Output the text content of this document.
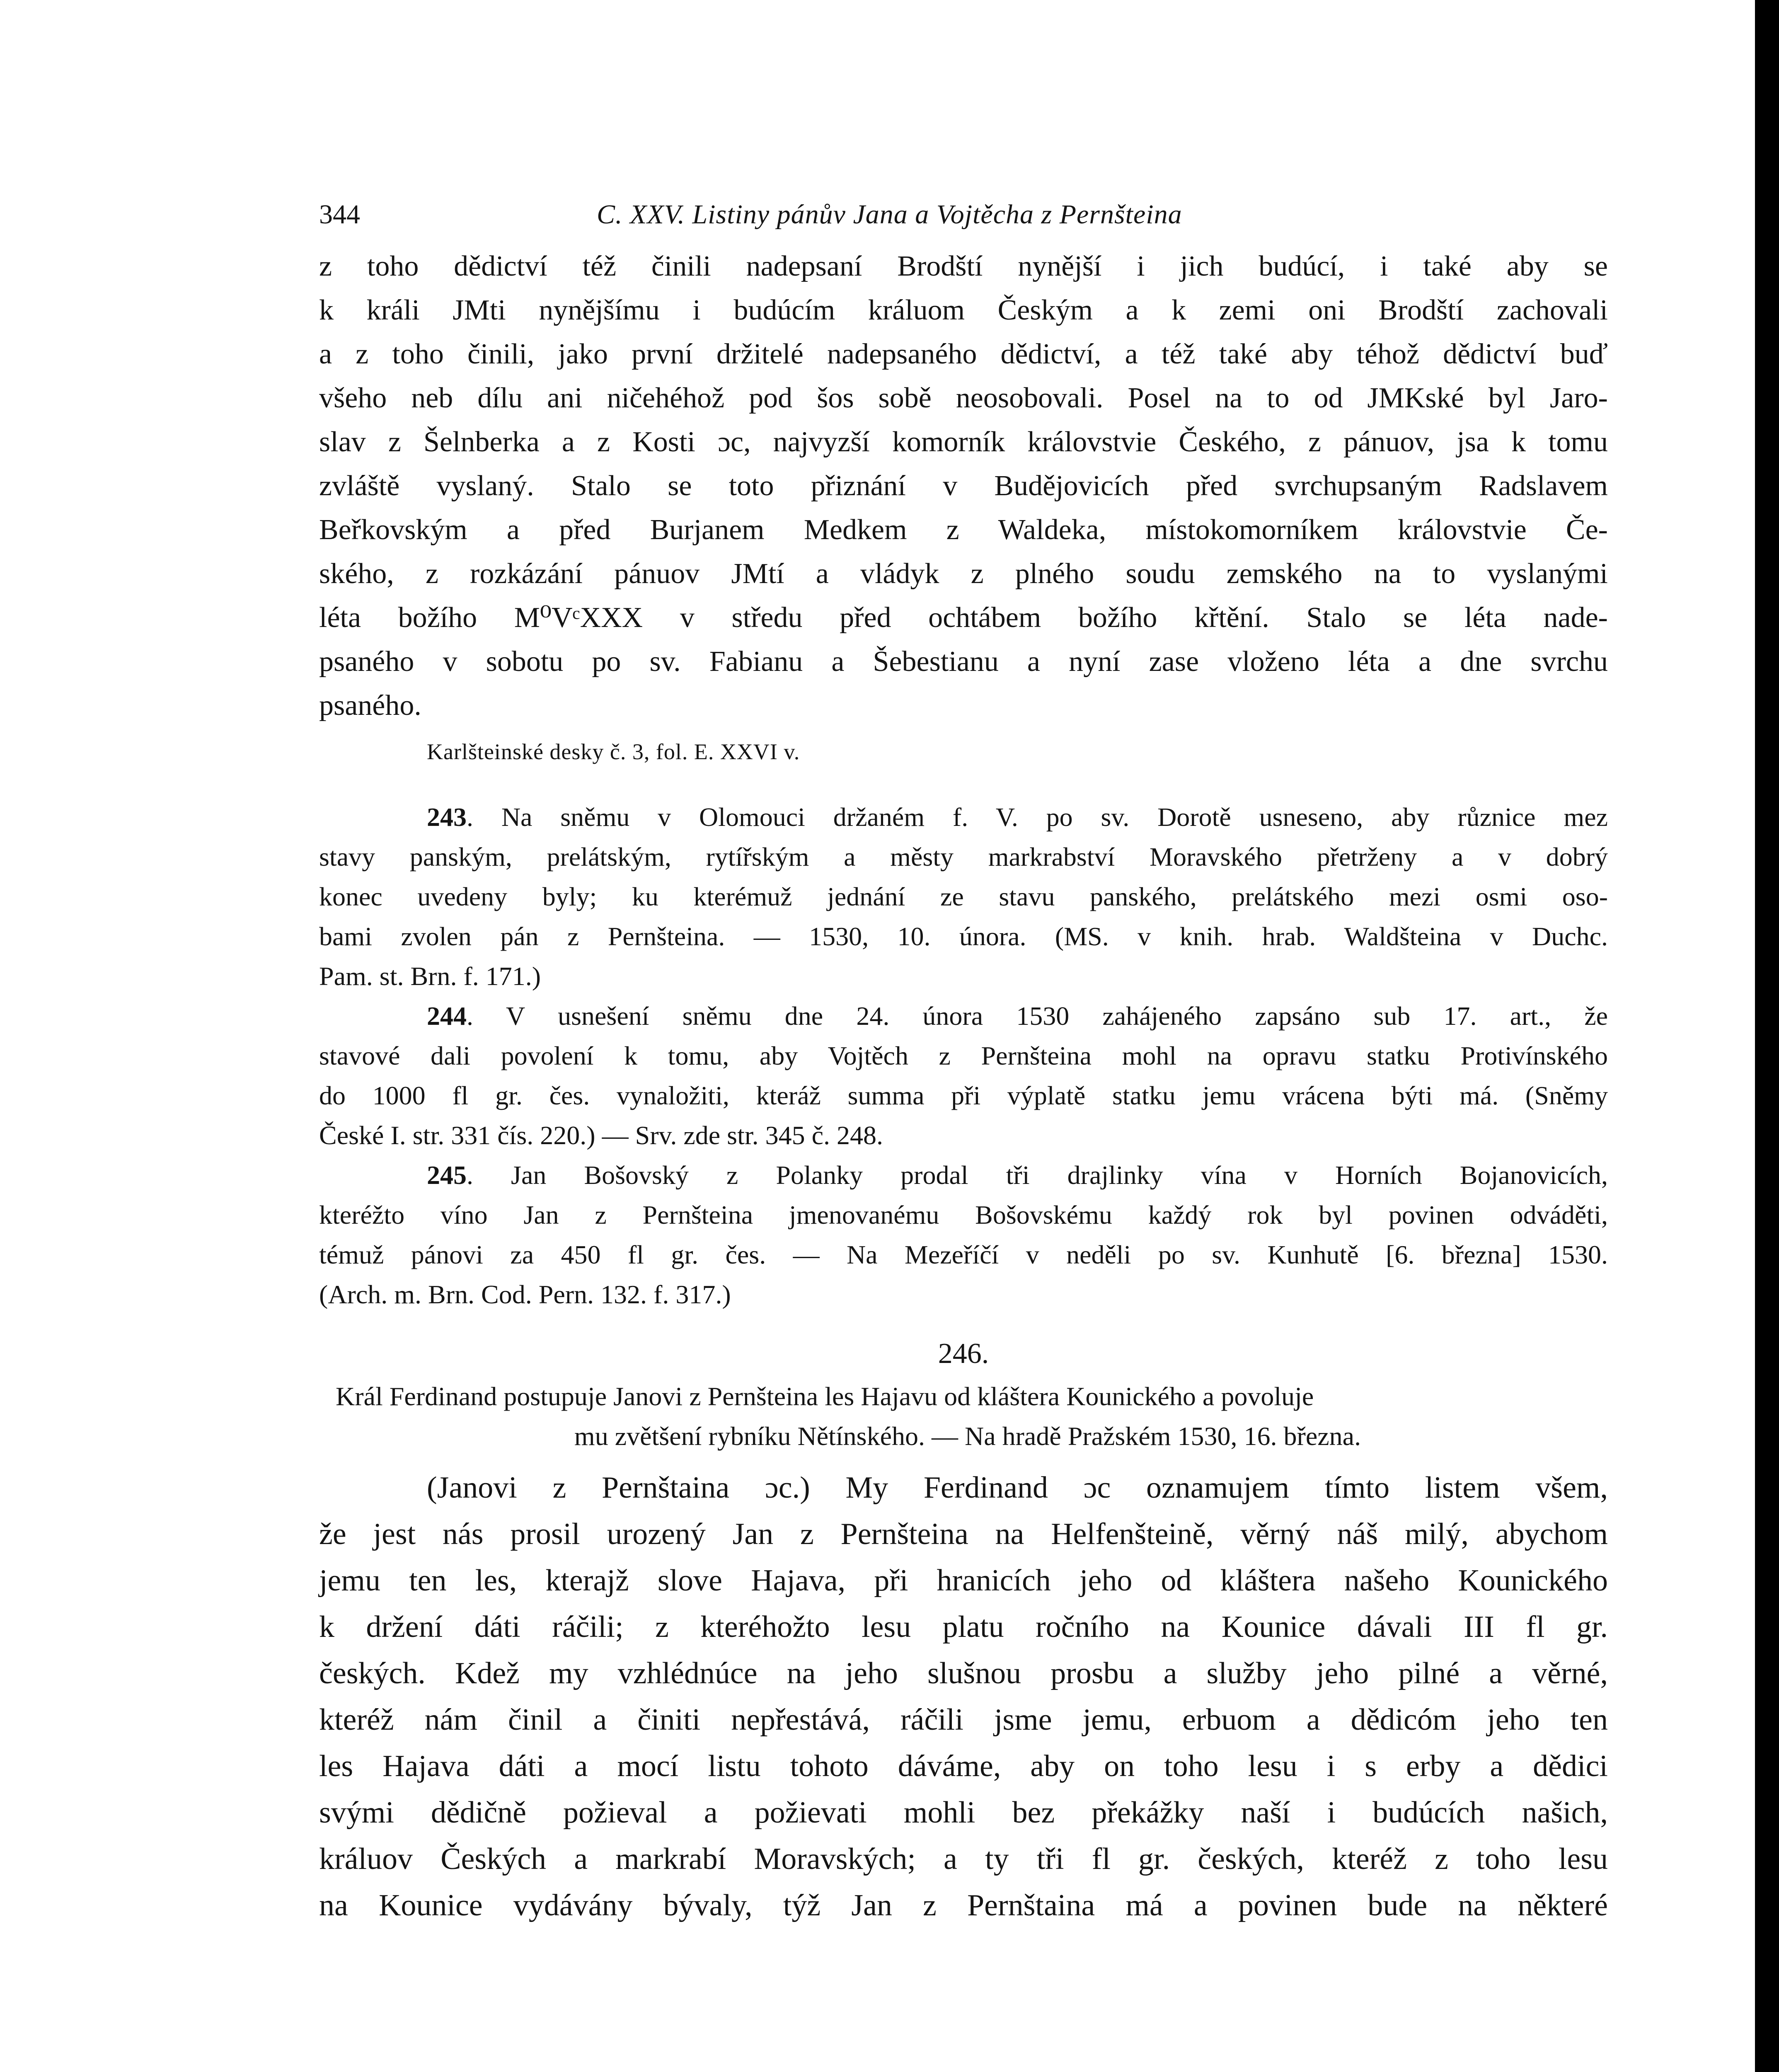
344	C. XXV. Listiny pánův Jana a Vojtěcha z Pernšteina
z toho dědictví též činili nadepsaní Brodští nynější i jich budúcí, i také aby se
k králi JMti nynějšímu i budúcím králuom Českým a k zemi oni Brodští zachovali
a z toho činili, jako první držitelé nadepsaného dědictví, a též také aby téhož dědictví buď
všeho neb dílu ani ničehéhož pod šos sobě neosobovali. Posel na to od JMKské byl Jaro-
slav z Šelnberka a z Kosti ɔc, najvyzší komorník královstvie Českého, z pánuov, jsa k tomu
zvláště vyslaný. Stalo se toto přiznání v Budějovicích před svrchupsaným Radslavem
Beřkovským a před Burjanem Medkem z Waldeka, místokomorníkem královstvie Če-
ského, z rozkázání pánuov JMtí a vládyk z plného soudu zemského na to vyslanými
léta božího M⁰VᶜXXX v středu před ochtábem božího křtění. Stalo se léta nade-
psaného v sobotu po sv. Fabianu a Šebestianu a nyní zase vloženo léta a dne svrchu
psaného.
Karlšteinské desky č. 3, fol. E. XXVI v.
243. Na sněmu v Olomouci držaném f. V. po sv. Dorotě usneseno, aby různice mez
stavy panským, prelátským, rytířským a městy markrabství Moravského přetrženy a v dobrý
konec uvedeny byly; ku kterémuž jednání ze stavu panského, prelátského mezi osmi oso-
bami zvolen pán z Pernšteina. — 1530, 10. února. (MS. v knih. hrab. Waldšteina v Duchc.
Pam. st. Brn. f. 171.)
244. V usnešení sněmu dne 24. února 1530 zahájeného zapsáno sub 17. art., že
stavové dali povolení k tomu, aby Vojtěch z Pernšteina mohl na opravu statku Protivínského
do 1000 fl gr. čes. vynaložiti, kteráž summa při výplatě statku jemu vrácena býti má. (Sněmy
České I. str. 331 čís. 220.) — Srv. zde str. 345 č. 248.
245. Jan Bošovský z Polanky prodal tři drajlinky vína v Horních Bojanovicích,
kteréžto víno Jan z Pernšteina jmenovanému Bošovskému každý rok byl povinen odváděti,
témuž pánovi za 450 fl gr. čes. — Na Mezeříčí v neděli po sv. Kunhutě [6. března] 1530.
(Arch. m. Brn. Cod. Pern. 132. f. 317.)
246.
Král Ferdinand postupuje Janovi z Pernšteina les Hajavu od kláštera Kounického a povoluje
mu zvětšení rybníku Nětínského. — Na hradě Pražském 1530, 16. března.
(Janovi z Pernštaina ɔc.) My Ferdinand ɔc oznamujem tímto listem všem,
že jest nás prosil urozený Jan z Pernšteina na Helfenšteině, věrný náš milý, abychom
jemu ten les, kterajž slove Hajava, při hranicích jeho od kláštera našeho Kounického
k držení dáti ráčili; z kteréhožto lesu platu ročního na Kounice dávali III fl gr.
českých. Kdež my vzhlédnúce na jeho slušnou prosbu a služby jeho pilné a věrné,
kteréž nám činil a činiti nepřestává, ráčili jsme jemu, erbuom a dědicóm jeho ten
les Hajava dáti a mocí listu tohoto dáváme, aby on toho lesu i s erby a dědici
svými dědičně požieval a požievati mohli bez překážky naší i budúcích našich,
králuov Českých a markrabí Moravských; a ty tři fl gr. českých, kteréž z toho lesu
na Kounice vydávány bývaly, týž Jan z Pernštaina má a povinen bude na některé
